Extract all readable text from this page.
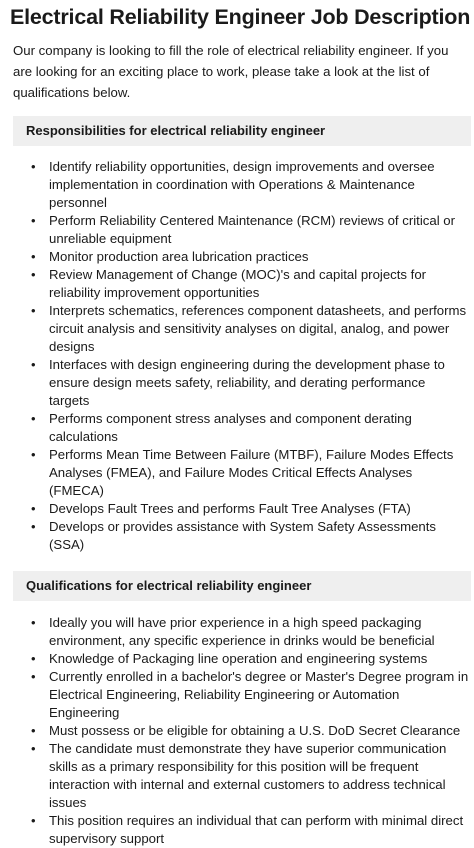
Electrical Reliability Engineer Job Description

Our company is looking to fill the role of electrical reliability engineer. If you are looking for an exciting place to work, please take a look at the list of qualifications below.

Responsibilities for electrical reliability engineer
• Identify reliability opportunities, design improvements and oversee implementation in coordination with Operations & Maintenance personnel
• Perform Reliability Centered Maintenance (RCM) reviews of critical or unreliable equipment
• Monitor production area lubrication practices
• Review Management of Change (MOC)'s and capital projects for reliability improvement opportunities
• Interprets schematics, references component datasheets, and performs circuit analysis and sensitivity analyses on digital, analog, and power designs
• Interfaces with design engineering during the development phase to ensure design meets safety, reliability, and derating performance targets
• Performs component stress analyses and component derating calculations
• Performs Mean Time Between Failure (MTBF), Failure Modes Effects Analyses (FMEA), and Failure Modes Critical Effects Analyses (FMECA)
• Develops Fault Trees and performs Fault Tree Analyses (FTA)
• Develops or provides assistance with System Safety Assessments (SSA)
Qualifications for electrical reliability engineer
• Ideally you will have prior experience in a high speed packaging environment, any specific experience in drinks would be beneficial
• Knowledge of Packaging line operation and engineering systems
• Currently enrolled in a bachelor's degree or Master's Degree program in Electrical Engineering, Reliability Engineering or Automation Engineering
• Must possess or be eligible for obtaining a U.S. DoD Secret Clearance
• The candidate must demonstrate they have superior communication skills as a primary responsibility for this position will be frequent interaction with internal and external customers to address technical issues
• This position requires an individual that can perform with minimal direct supervisory support
